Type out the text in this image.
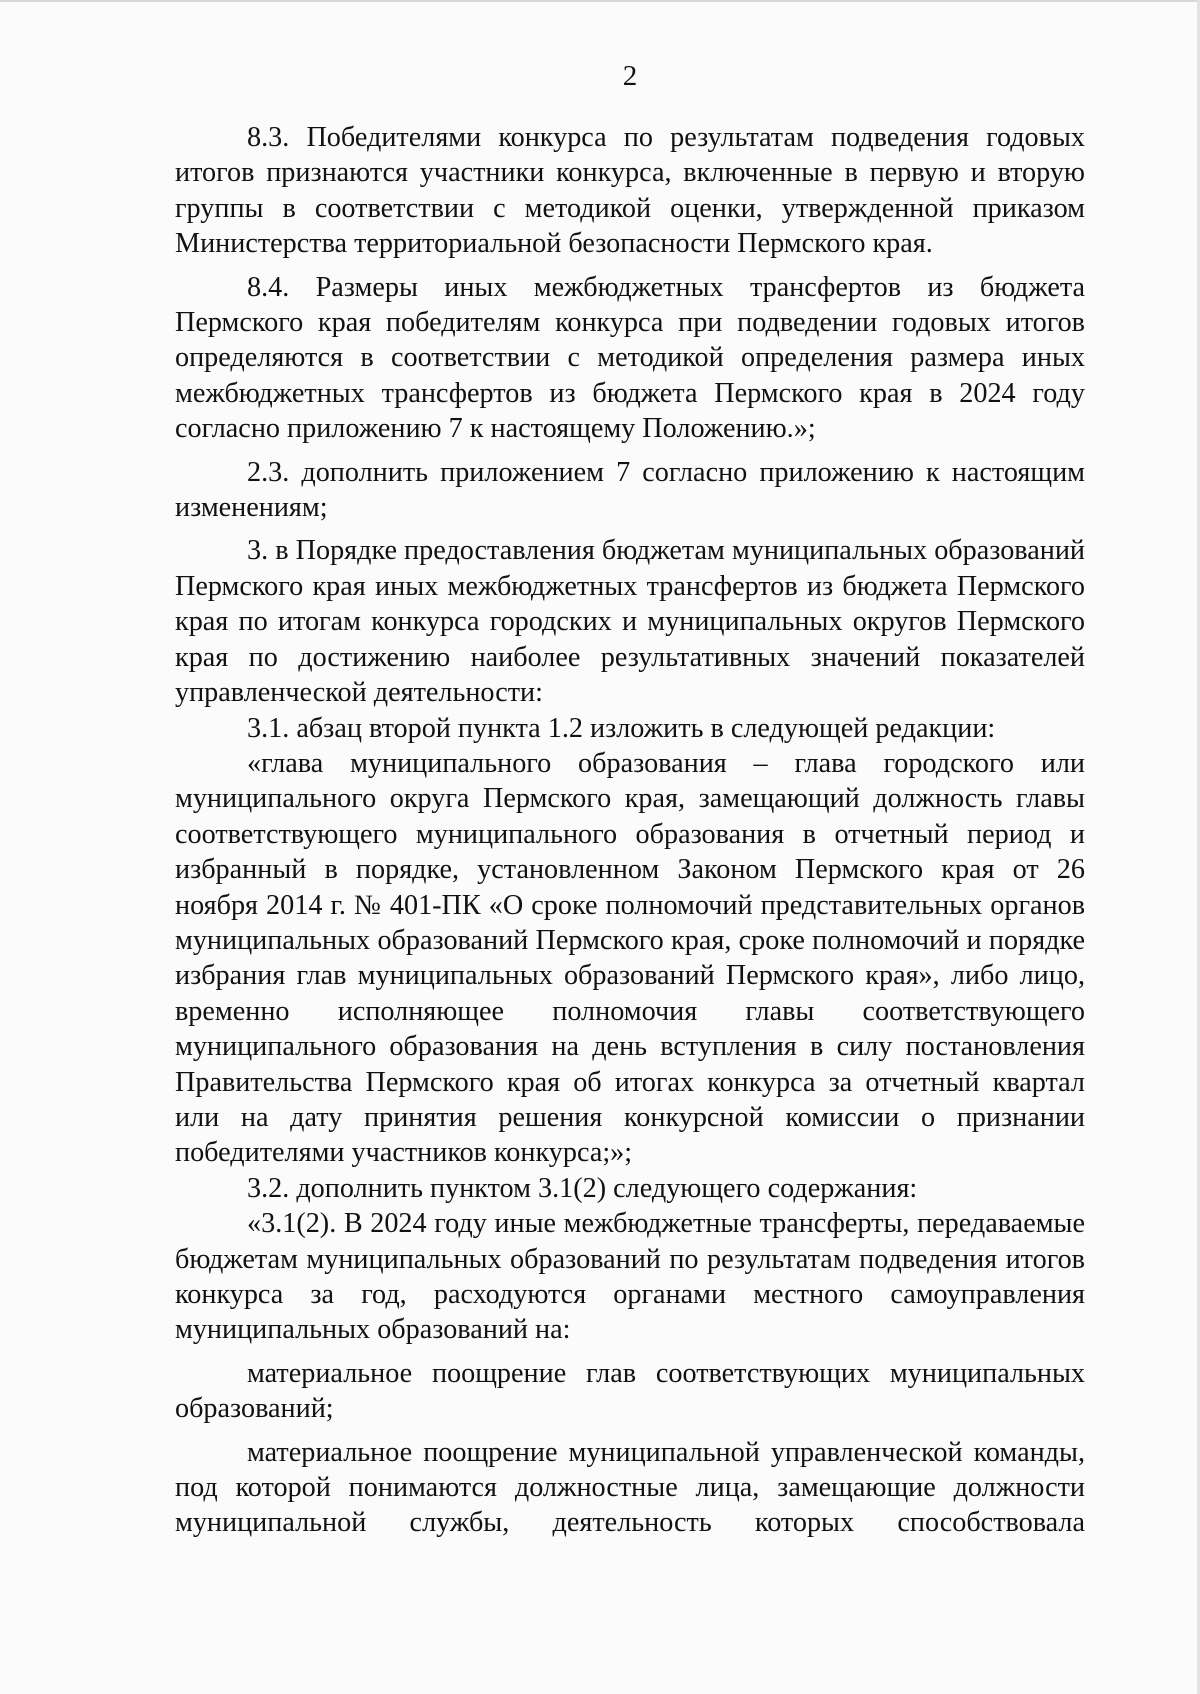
2

8.3. Победителями конкурса по результатам подведения годовых итогов признаются участники конкурса, включенные в первую и вторую группы в соответствии с методикой оценки, утвержденной приказом Министерства территориальной безопасности Пермского края.

8.4. Размеры иных межбюджетных трансфертов из бюджета Пермского края победителям конкурса при подведении годовых итогов определяются в соответствии с методикой определения размера иных межбюджетных трансфертов из бюджета Пермского края в 2024 году согласно приложению 7 к настоящему Положению.»;

2.3. дополнить приложением 7 согласно приложению к настоящим изменениям;

3. в Порядке предоставления бюджетам муниципальных образований Пермского края иных межбюджетных трансфертов из бюджета Пермского края по итогам конкурса городских и муниципальных округов Пермского края по достижению наиболее результативных значений показателей управленческой деятельности:

3.1. абзац второй пункта 1.2 изложить в следующей редакции:

«глава муниципального образования – глава городского или муниципального округа Пермского края, замещающий должность главы соответствующего муниципального образования в отчетный период и избранный в порядке, установленном Законом Пермского края от 26 ноября 2014 г. № 401-ПК «О сроке полномочий представительных органов муниципальных образований Пермского края, сроке полномочий и порядке избрания глав муниципальных образований Пермского края», либо лицо, временно исполняющее полномочия главы соответствующего муниципального образования на день вступления в силу постановления Правительства Пермского края об итогах конкурса за отчетный квартал или на дату принятия решения конкурсной комиссии о признании победителями участников конкурса;»;

3.2. дополнить пунктом 3.1(2) следующего содержания:

«3.1(2). В 2024 году иные межбюджетные трансферты, передаваемые бюджетам муниципальных образований по результатам подведения итогов конкурса за год, расходуются органами местного самоуправления муниципальных образований на:

материальное поощрение глав соответствующих муниципальных образований;

материальное поощрение муниципальной управленческой команды, под которой понимаются должностные лица, замещающие должности муниципальной службы, деятельность которых способствовала
